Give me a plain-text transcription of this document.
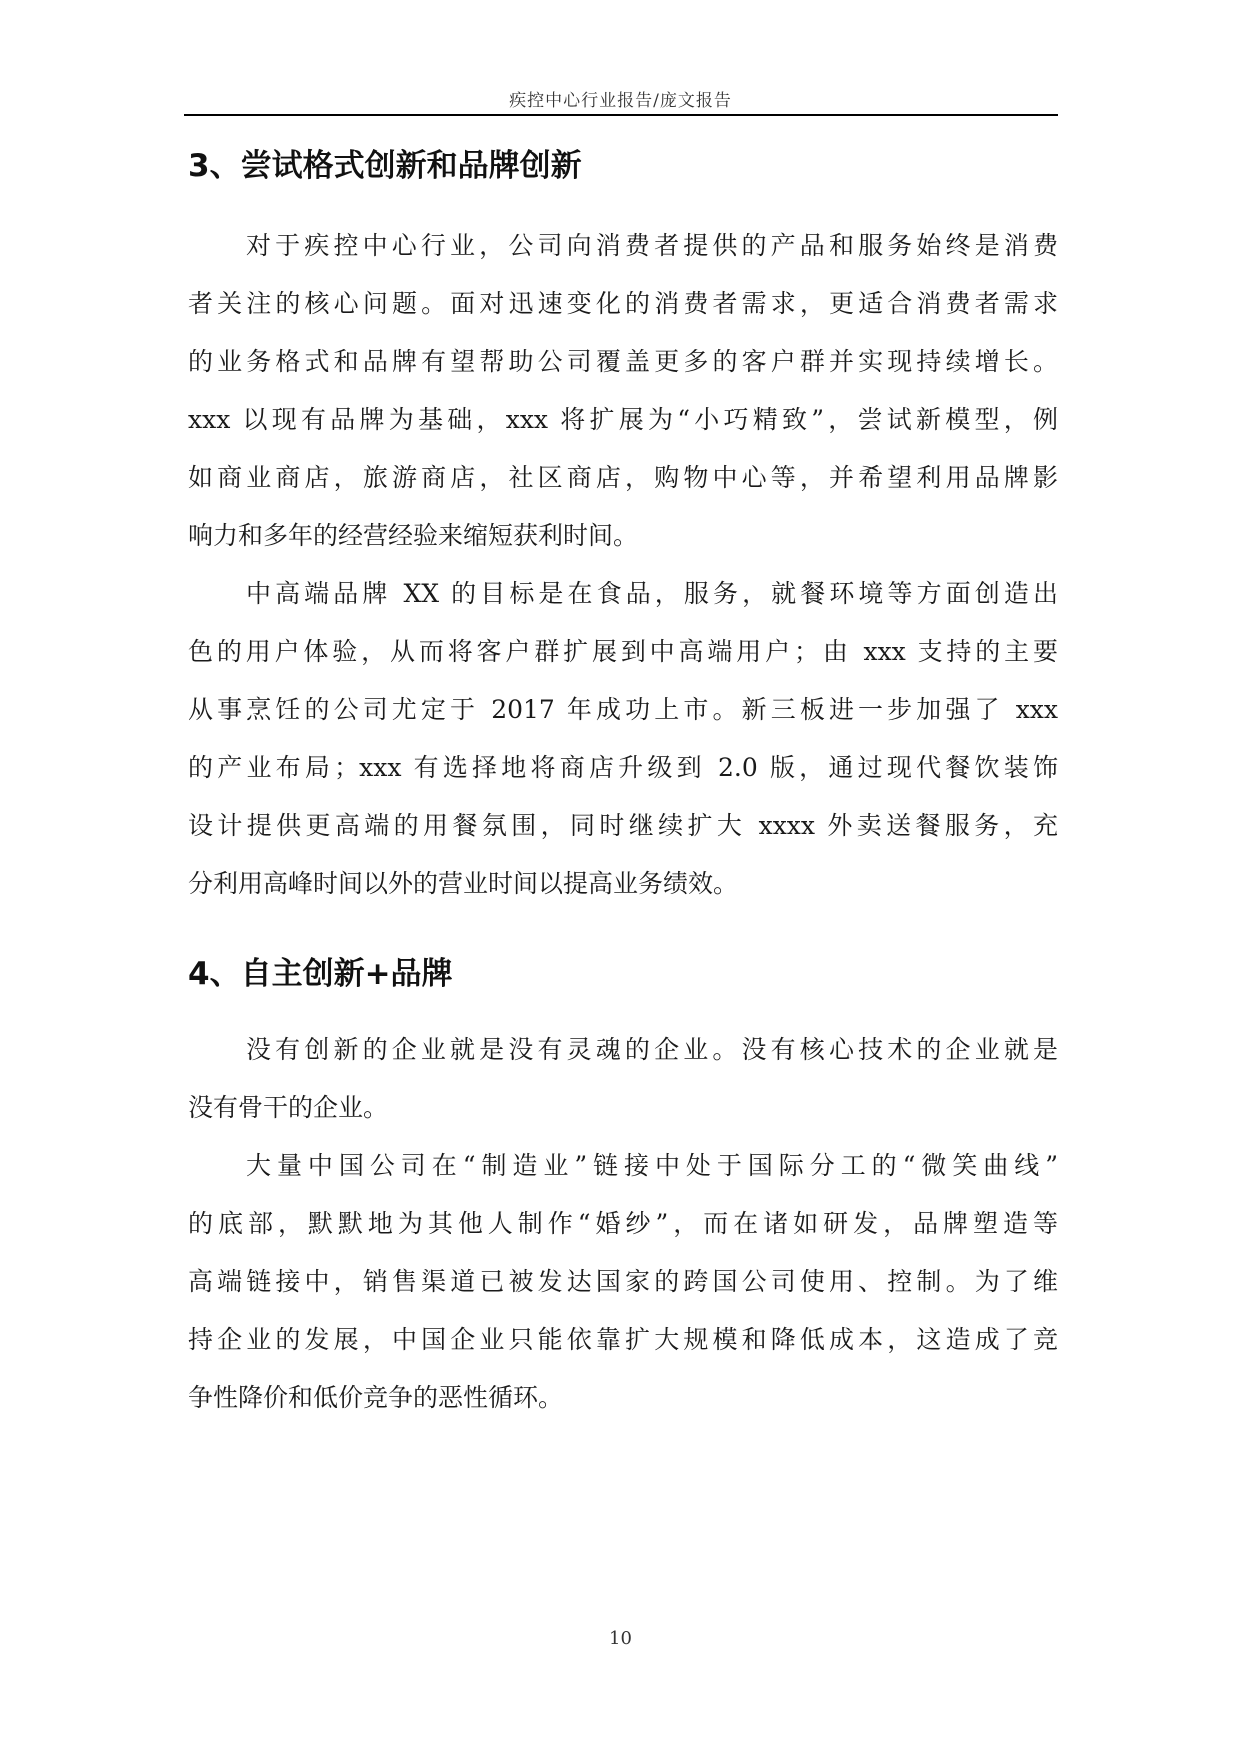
疾控中心行业报告/庞文报告
3、尝试格式创新和品牌创新
对于疾控中心行业，公司向消费者提供的产品和服务始终是消费
者关注的核心问题。面对迅速变化的消费者需求，更适合消费者需求
的业务格式和品牌有望帮助公司覆盖更多的客户群并实现持续增长。
xxx 以现有品牌为基础，xxx 将扩展为“小巧精致”，尝试新模型，例
如商业商店，旅游商店，社区商店，购物中心等，并希望利用品牌影
响力和多年的经营经验来缩短获利时间。
中高端品牌 XX 的目标是在食品，服务，就餐环境等方面创造出
色的用户体验，从而将客户群扩展到中高端用户；由 xxx 支持的主要
从事烹饪的公司尤定于 2017 年成功上市。新三板进一步加强了 xxx
的产业布局；xxx 有选择地将商店升级到 2.0 版，通过现代餐饮装饰
设计提供更高端的用餐氛围，同时继续扩大 xxxx 外卖送餐服务，充
分利用高峰时间以外的营业时间以提高业务绩效。
4、自主创新+品牌
没有创新的企业就是没有灵魂的企业。没有核心技术的企业就是
没有骨干的企业。
大量中国公司在“制造业”链接中处于国际分工的“微笑曲线”
的底部，默默地为其他人制作“婚纱”，而在诸如研发，品牌塑造等
高端链接中，销售渠道已被发达国家的跨国公司使用、控制。为了维
持企业的发展，中国企业只能依靠扩大规模和降低成本，这造成了竞
争性降价和低价竞争的恶性循环。
10
